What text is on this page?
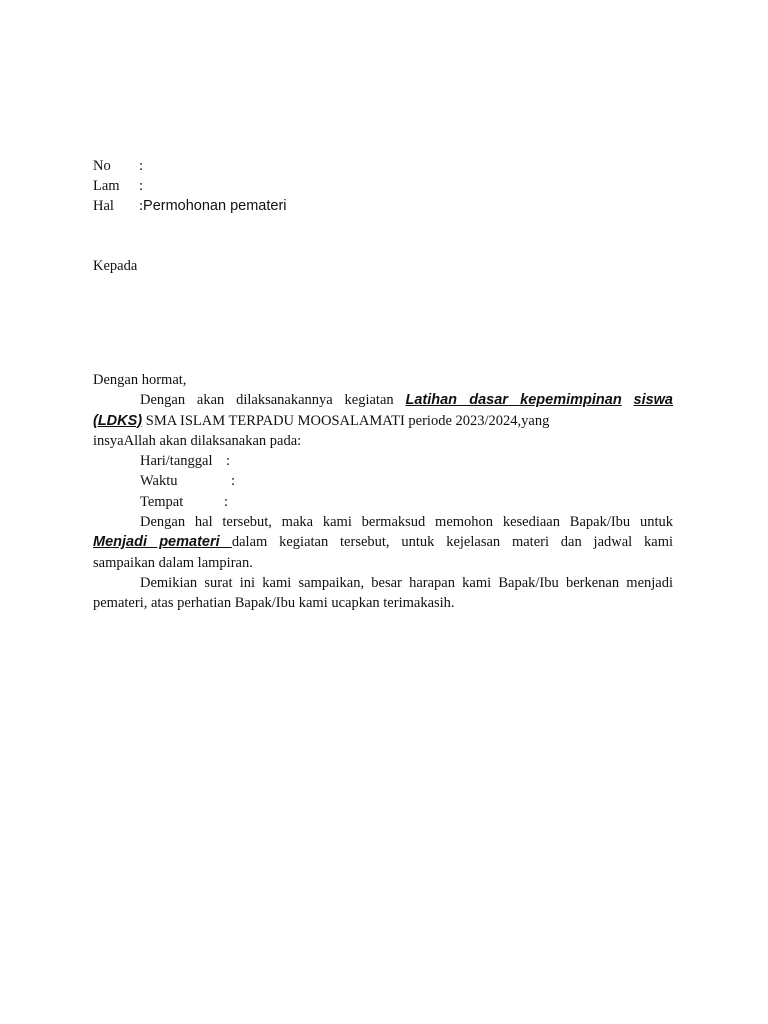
No :
Lam :
Hal :Permohonan pemateri
Kepada
Dengan hormat,
Dengan akan dilaksanakannya kegiatan Latihan dasar kepemimpinan siswa
(LDKS) SMA ISLAM TERPADU MOOSALAMATI periode 2023/2024,yang
insyaAllah akan dilaksanakan pada:
Hari/tanggal :
Waktu	:
Tempat	:
Dengan hal tersebut, maka kami bermaksud memohon kesediaan Bapak/Ibu untuk
Menjadi pemateri dalam kegiatan tersebut, untuk kejelasan materi dan jadwal kami
sampaikan dalam lampiran.
Demikian surat ini kami sampaikan, besar harapan kami Bapak/Ibu berkenan menjadi
pemateri, atas perhatian Bapak/Ibu kami ucapkan terimakasih.
